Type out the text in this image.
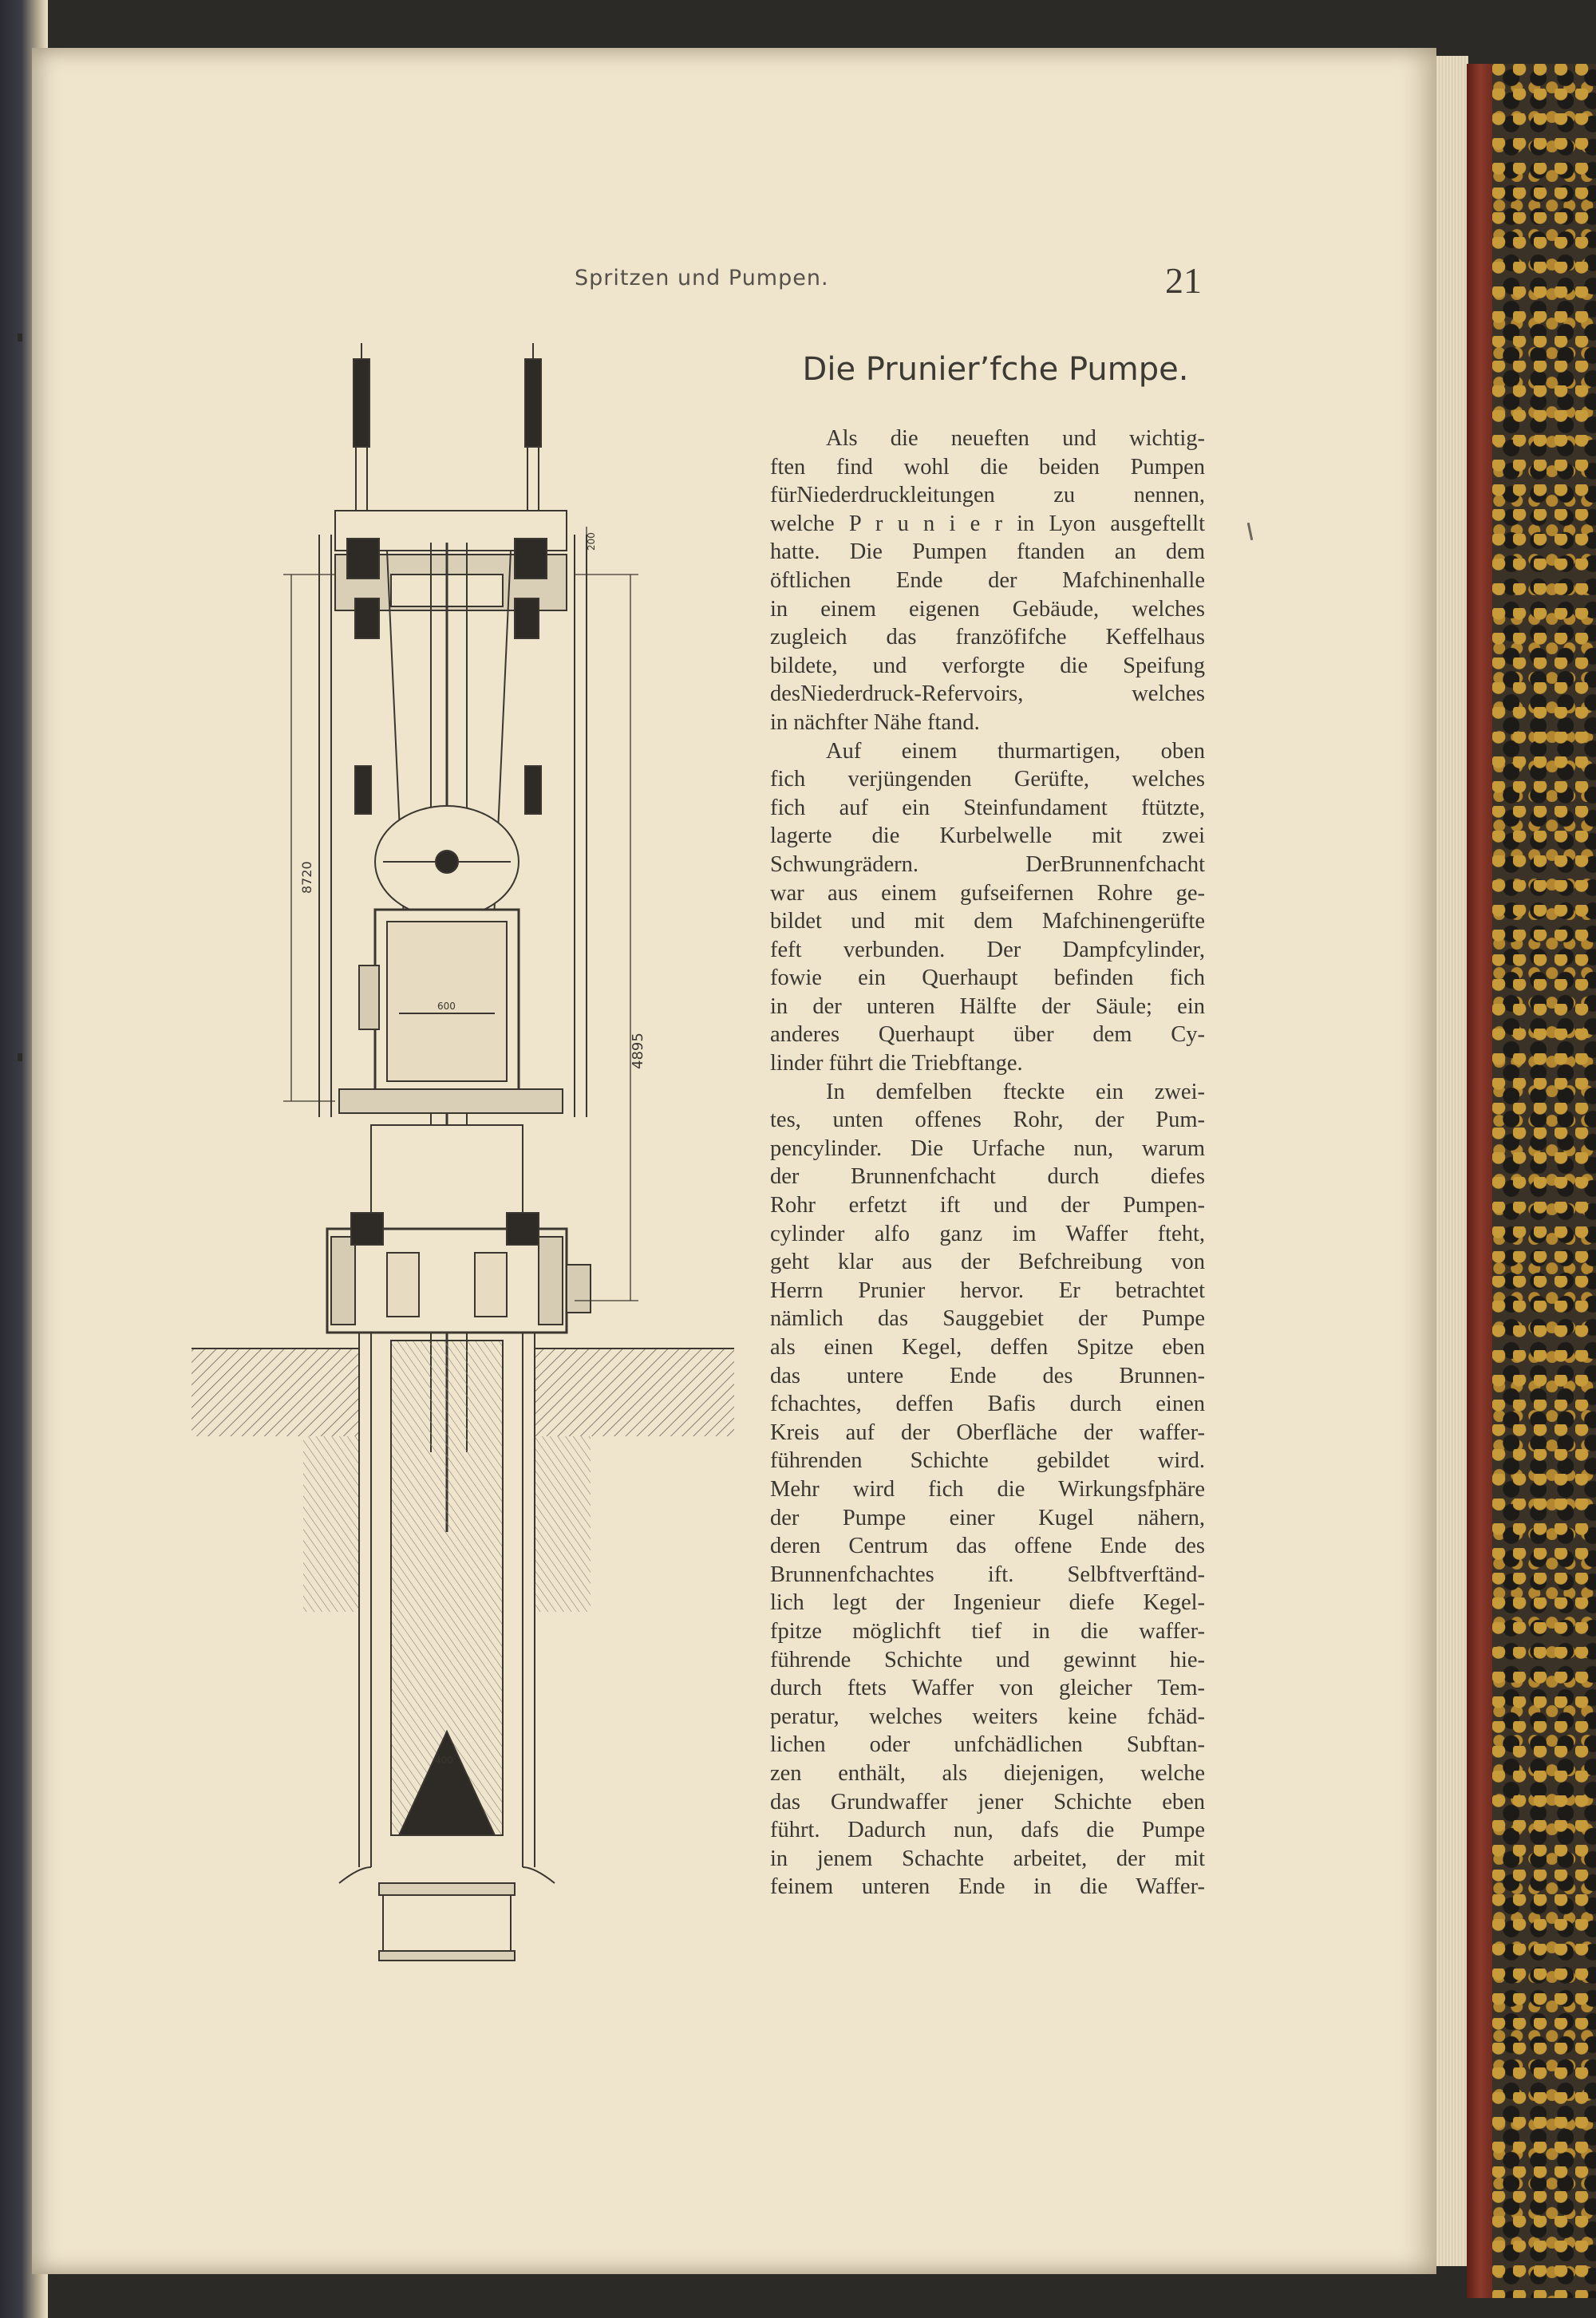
Spritzen und Pumpen.	21
600
8720
4895
200
400
Die Prunier’fche Pumpe.
Als die neueften und wichtig-
ften find wohl die beiden Pumpen
fürNiederdruckleitungen zu nennen,
welche P r u n i e r in Lyon ausgeftellt
hatte. Die Pumpen ftanden an dem
öftlichen Ende der Mafchinenhalle
in einem eigenen Gebäude, welches
zugleich das franzöfifche Keffelhaus
bildete, und verforgte die Speifung
desNiederdruck-Refervoirs, welches
in nächfter Nähe ftand.
Auf einem thurmartigen, oben
fich verjüngenden Gerüfte, welches
fich auf ein Steinfundament ftützte,
lagerte die Kurbelwelle mit zwei
Schwungrädern. DerBrunnenfchacht
war aus einem gufseifernen Rohre ge-
bildet und mit dem Mafchinengerüfte
feft verbunden. Der Dampfcylinder,
fowie ein Querhaupt befinden fich
in der unteren Hälfte der Säule; ein
anderes Querhaupt über dem Cy-
linder führt die Triebftange.
In demfelben fteckte ein zwei-
tes, unten offenes Rohr, der Pum-
pencylinder. Die Urfache nun, warum
der Brunnenfchacht durch diefes
Rohr erfetzt ift und der Pumpen-
cylinder alfo ganz im Waffer fteht,
geht klar aus der Befchreibung von
Herrn Prunier hervor. Er betrachtet
nämlich das Sauggebiet der Pumpe
als einen Kegel, deffen Spitze eben
das untere Ende des Brunnen-
fchachtes, deffen Bafis durch einen
Kreis auf der Oberfläche der waffer-
führenden Schichte gebildet wird.
Mehr wird fich die Wirkungsfphäre
der Pumpe einer Kugel nähern,
deren Centrum das offene Ende des
Brunnenfchachtes ift. Selbftverftänd-
lich legt der Ingenieur diefe Kegel-
fpitze möglichft tief in die waffer-
führende Schichte und gewinnt hie-
durch ftets Waffer von gleicher Tem-
peratur, welches weiters keine fchäd-
lichen oder unfchädlichen Subftan-
zen enthält, als diejenigen, welche
das Grundwaffer jener Schichte eben
führt. Dadurch nun, dafs die Pumpe
in jenem Schachte arbeitet, der mit
feinem unteren Ende in die Waffer-
